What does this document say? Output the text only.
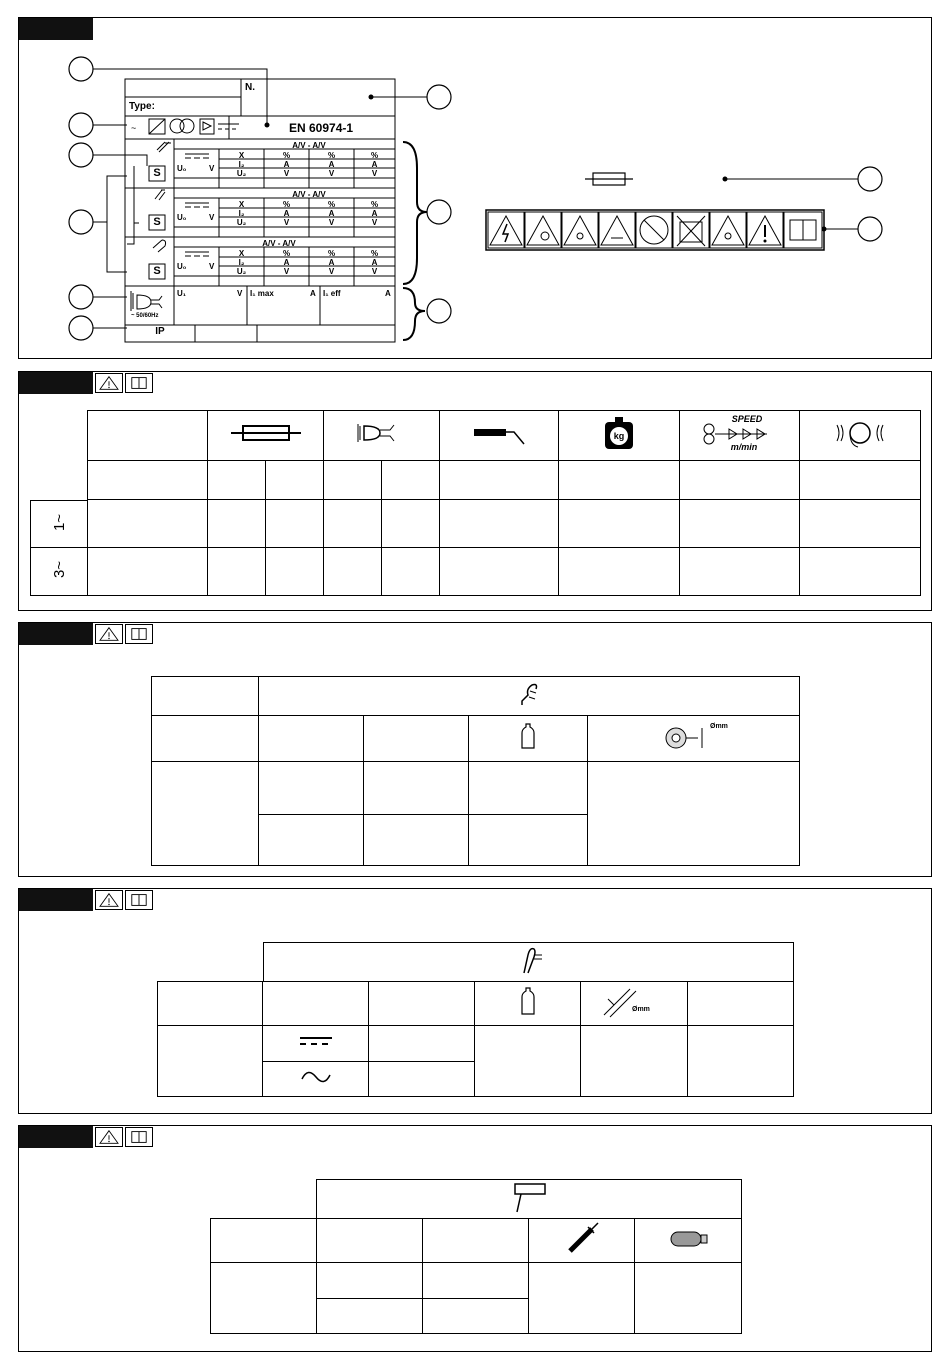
~
N.
Type:
EN 60974-1
A/V - A/V
X	%	%	%
I₂	A	A	A
U₂	V	V	V
U₀	V
S
A/V - A/V
X	%	%	%
I₂	A	A	A
U₂	V	V	V
U₀	V
S
A/V - A/V
X	%	%	%
I₂	A	A	A
U₂	V	V	V
U₀	V
S
U₁	V I₁ max	A I₁ eff	A
~ 50/60Hz
IP

kg	SPEED
m/min

1~
3~

Ømm

Ømm	
